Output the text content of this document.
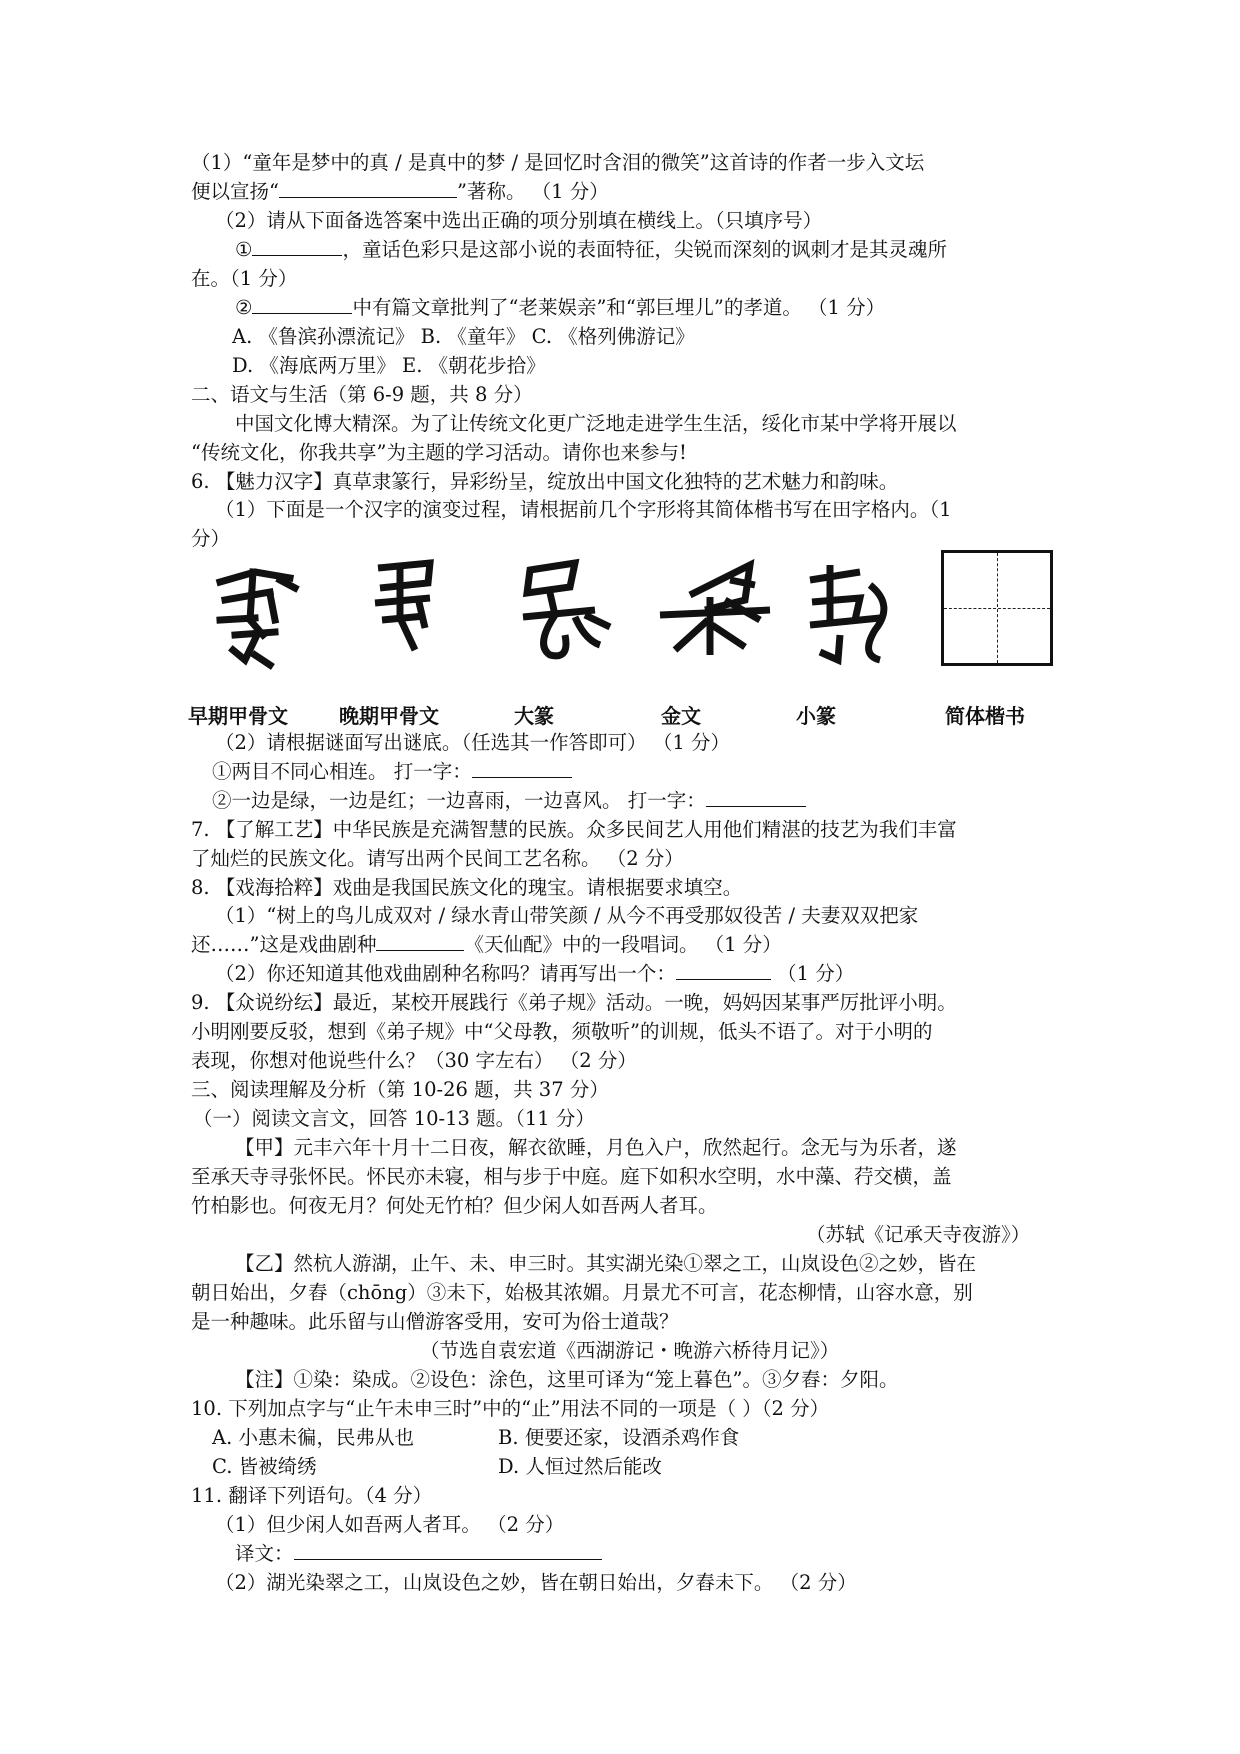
（1）“童年是梦中的真 / 是真中的梦 / 是回忆时含泪的微笑”这首诗的作者一步入文坛
便以宣扬“	”著称。 （1 分）
（2）请从下面备选答案中选出正确的项分别填在横线上。（只填序号）
①	，童话色彩只是这部小说的表面特征，尖锐而深刻的讽刺才是其灵魂所
在。（1 分）
②	中有篇文章批判了“老莱娱亲”和“郭巨埋儿”的孝道。 （1 分）
A. 《鲁滨孙漂流记》 B. 《童年》 C. 《格列佛游记》
D. 《海底两万里》 E. 《朝花步拾》
二、语文与生活（第 6-9 题，共 8 分）
中国文化博大精深。为了让传统文化更广泛地走进学生生活，绥化市某中学将开展以
“传统文化，你我共享”为主题的学习活动。请你也来参与!
6. 【魅力汉字】真草隶篆行，异彩纷呈，绽放出中国文化独特的艺术魅力和韵味。
（1）下面是一个汉字的演变过程，请根据前几个字形将其简体楷书写在田字格内。（1
分）
早期甲骨文	晚期甲骨文	大篆	金文	小篆	简体楷书
（2）请根据谜面写出谜底。（任选其一作答即可） （1 分）
①两目不同心相连。 打一字：
②一边是绿，一边是红；一边喜雨，一边喜风。 打一字：
7. 【了解工艺】中华民族是充满智慧的民族。众多民间艺人用他们精湛的技艺为我们丰富
了灿烂的民族文化。请写出两个民间工艺名称。 （2 分）
8. 【戏海拾粹】戏曲是我国民族文化的瑰宝。请根据要求填空。
（1）“树上的鸟儿成双对 / 绿水青山带笑颜 / 从今不再受那奴役苦 / 夫妻双双把家
还……”这是戏曲剧种	《天仙配》中的一段唱词。 （1 分）
（2）你还知道其他戏曲剧种名称吗？请再写出一个：	（1 分）
9. 【众说纷纭】最近，某校开展践行《弟子规》活动。一晚，妈妈因某事严厉批评小明。
小明刚要反驳，想到《弟子规》中“父母教，须敬听”的训规，低头不语了。对于小明的
表现，你想对他说些什么？（30 字左右） （2 分）
三、阅读理解及分析（第 10-26 题，共 37 分）
（一）阅读文言文，回答 10-13 题。（11 分）
【甲】元丰六年十月十二日夜，解衣欲睡，月色入户，欣然起行。念无与为乐者，遂
至承天寺寻张怀民。怀民亦未寝，相与步于中庭。庭下如积水空明，水中藻、荇交横，盖
竹柏影也。何夜无月？何处无竹柏？但少闲人如吾两人者耳。
（苏轼《记承天寺夜游》）
【乙】然杭人游湖，止午、未、申三时。其实湖光染①翠之工，山岚设色②之妙，皆在
朝日始出，夕舂（chōng）③未下，始极其浓媚。月景尤不可言，花态柳情，山容水意，别
是一种趣味。此乐留与山僧游客受用，安可为俗士道哉？
（节选自袁宏道《西湖游记・晚游六桥待月记》）
【注】①染：染成。②设色：涂色，这里可译为“笼上暮色”。③夕舂：夕阳。
10. 下列加点字与“止午未申三时”中的“止”用法不同的一项是（ ）（2 分）
A. 小惠未徧，民弗从也	B. 便要还家，设酒杀鸡作食
C. 皆被绮绣	D. 人恒过然后能改
11. 翻译下列语句。（4 分）
（1）但少闲人如吾两人者耳。 （2 分）
译文：
（2）湖光染翠之工，山岚设色之妙，皆在朝日始出，夕舂未下。 （2 分）
